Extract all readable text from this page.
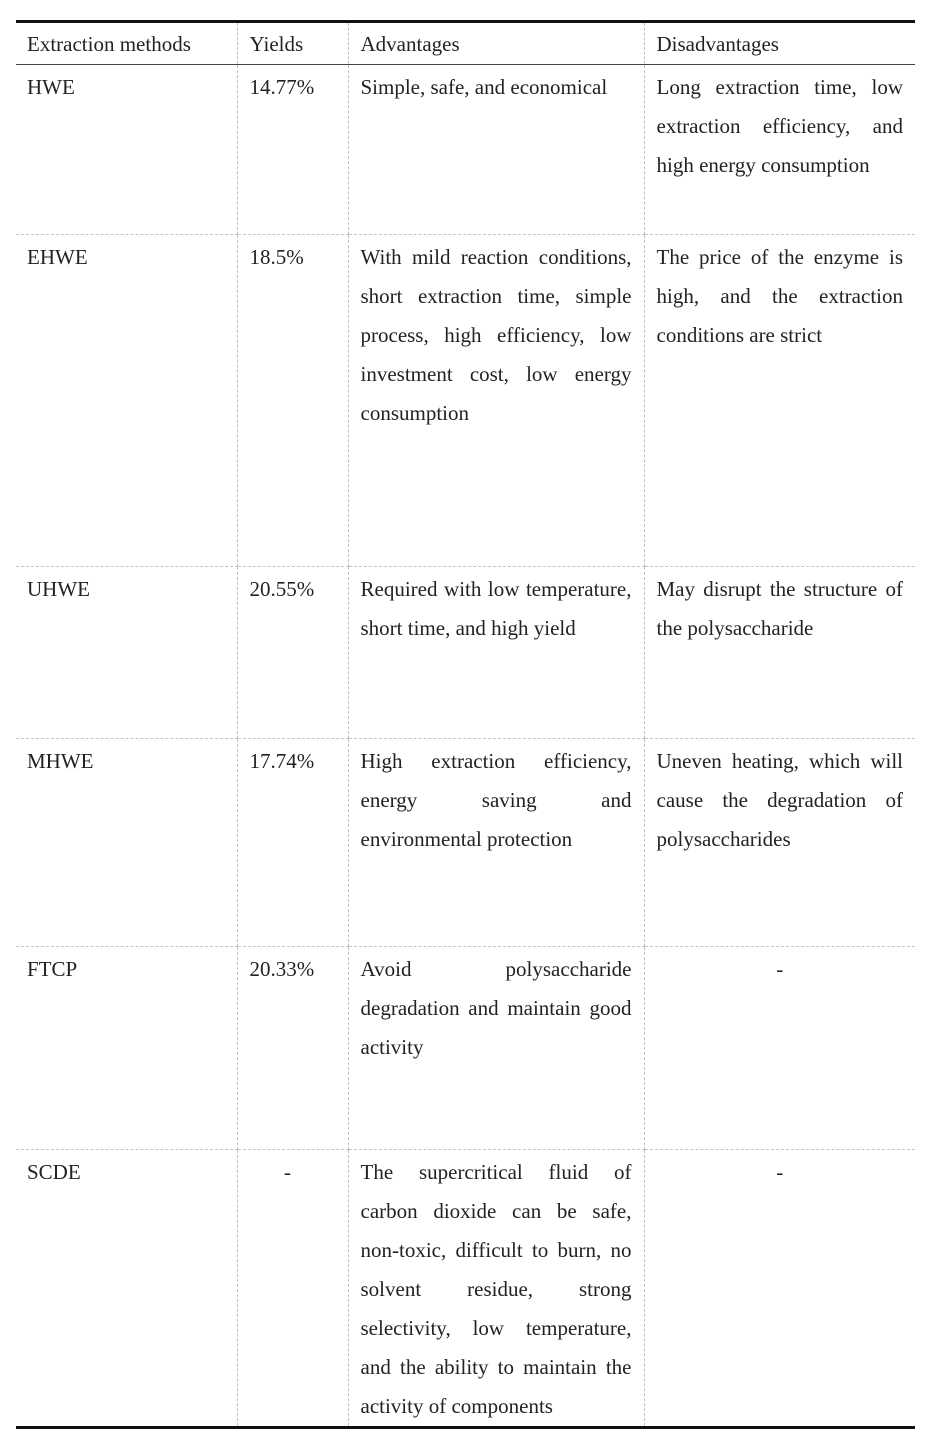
Extraction methods	Yields	Advantages	Disadvantages
HWE	14.77%	Simple, safe, and economical	Long extraction time, low extraction efficiency, and high energy consumption
EHWE	18.5%	With mild reaction conditions, short extraction time, simple process, high efficiency, low investment cost, low energy consumption	The price of the enzyme is high, and the extraction conditions are strict
UHWE	20.55%	Required with low temperature, short time, and high yield	May disrupt the structure of the polysaccharide
MHWE	17.74%	High extraction efficiency, energy saving and environmental protection	Uneven heating, which will cause the degradation of polysaccharides
FTCP	20.33%	Avoid polysaccharide degradation and maintain good activity	-
SCDE	-	The supercritical fluid of carbon dioxide can be safe, non-toxic, difficult to burn, no solvent residue, strong selectivity, low temperature, and the ability to maintain the activity of components	-
